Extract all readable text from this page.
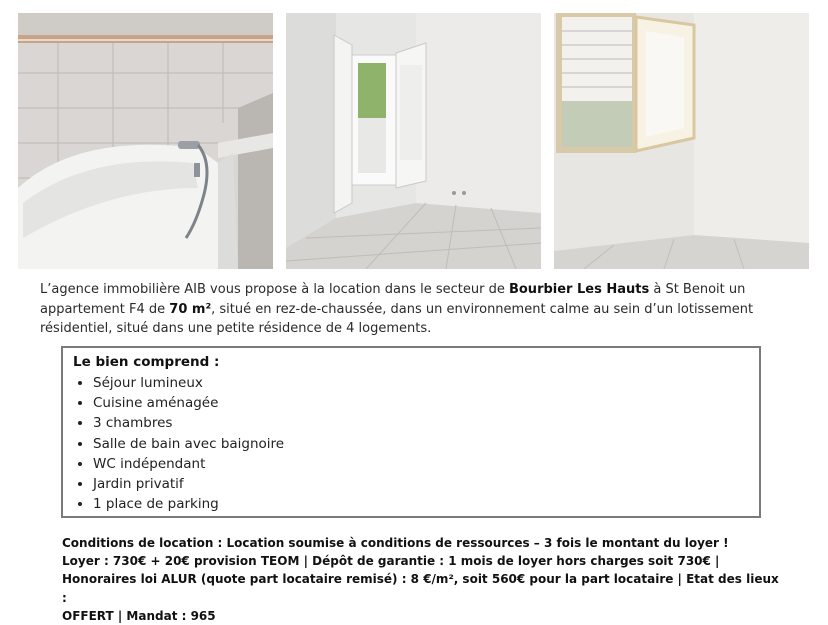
L’agence immobilière AIB vous propose à la location dans le secteur de Bourbier Les Hauts à St Benoit un appartement F4 de 70 m², situé en rez-de-chaussée, dans un environnement calme au sein d’un lotissement résidentiel, situé dans une petite résidence de 4 logements.
Le bien comprend :
• Séjour lumineux
• Cuisine aménagée
• 3 chambres
• Salle de bain avec baignoire
• WC indépendant
• Jardin privatif
• 1 place de parking
Conditions de location : Location soumise à conditions de ressources – 3 fois le montant du loyer !
Loyer : 730€ + 20€ provision TEOM | Dépôt de garantie : 1 mois de loyer hors charges soit 730€ |
Honoraires loi ALUR (quote part locataire remisé) : 8 €/m², soit 560€ pour la part locataire | Etat des lieux :
OFFERT | Mandat : 965
